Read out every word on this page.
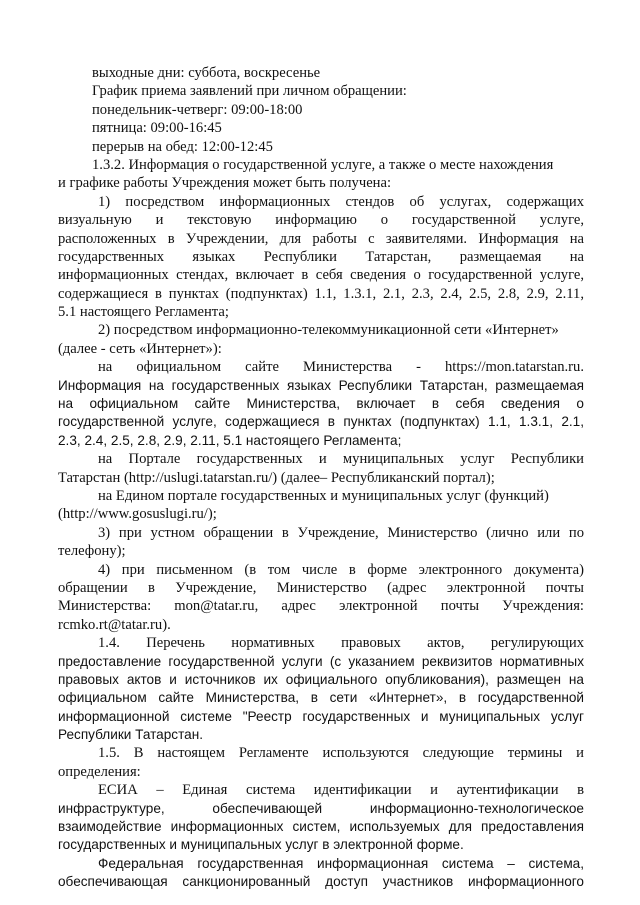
выходные дни: суббота, воскресенье
График приема заявлений при личном обращении:
понедельник-четверг: 09:00-18:00
пятница: 09:00-16:45
перерыв на обед: 12:00-12:45
1.3.2. Информация о государственной услуге, а также о месте нахождения
и графике работы Учреждения может быть получена:
1) посредством информационных стендов об услугах, содержащих
визуальную и текстовую информацию о государственной услуге,
расположенных в Учреждении, для работы с заявителями. Информация на
государственных языках Республики Татарстан, размещаемая на
информационных стендах, включает в себя сведения о государственной услуге,
содержащиеся в пунктах (подпунктах) 1.1, 1.3.1, 2.1, 2.3, 2.4, 2.5, 2.8, 2.9, 2.11,
5.1 настоящего Регламента;
2) посредством информационно-телекоммуникационной сети «Интернет»
(далее - сеть «Интернет»):
на официальном сайте Министерства - https://mon.tatarstan.ru.
Информация на государственных языках Республики Татарстан, размещаемая
на официальном сайте Министерства, включает в себя сведения о
государственной услуге, содержащиеся в пунктах (подпунктах) 1.1, 1.3.1, 2.1,
2.3, 2.4, 2.5, 2.8, 2.9, 2.11, 5.1 настоящего Регламента;
на Портале государственных и муниципальных услуг Республики
Татарстан (http://uslugi.tatarstan.ru/) (далее– Республиканский портал);
на Едином портале государственных и муниципальных услуг (функций)
(http://www.gosuslugi.ru/);
3) при устном обращении в Учреждение, Министерство (лично или по
телефону);
4) при письменном (в том числе в форме электронного документа)
обращении в Учреждение, Министерство (адрес электронной почты
Министерства: mon@tatar.ru, адрес электронной почты Учреждения:
rcmko.rt@tatar.ru).
1.4. Перечень нормативных правовых актов, регулирующих
предоставление государственной услуги (с указанием реквизитов нормативных
правовых актов и источников их официального опубликования), размещен на
официальном сайте Министерства, в сети «Интернет», в государственной
информационной системе "Реестр государственных и муниципальных услуг
Республики Татарстан.
1.5. В настоящем Регламенте используются следующие термины и
определения:
ЕСИА – Единая система идентификации и аутентификации в
инфраструктуре, обеспечивающей информационно-технологическое
взаимодействие информационных систем, используемых для предоставления
государственных и муниципальных услуг в электронной форме.
Федеральная государственная информационная система – система,
обеспечивающая санкционированный доступ участников информационного
